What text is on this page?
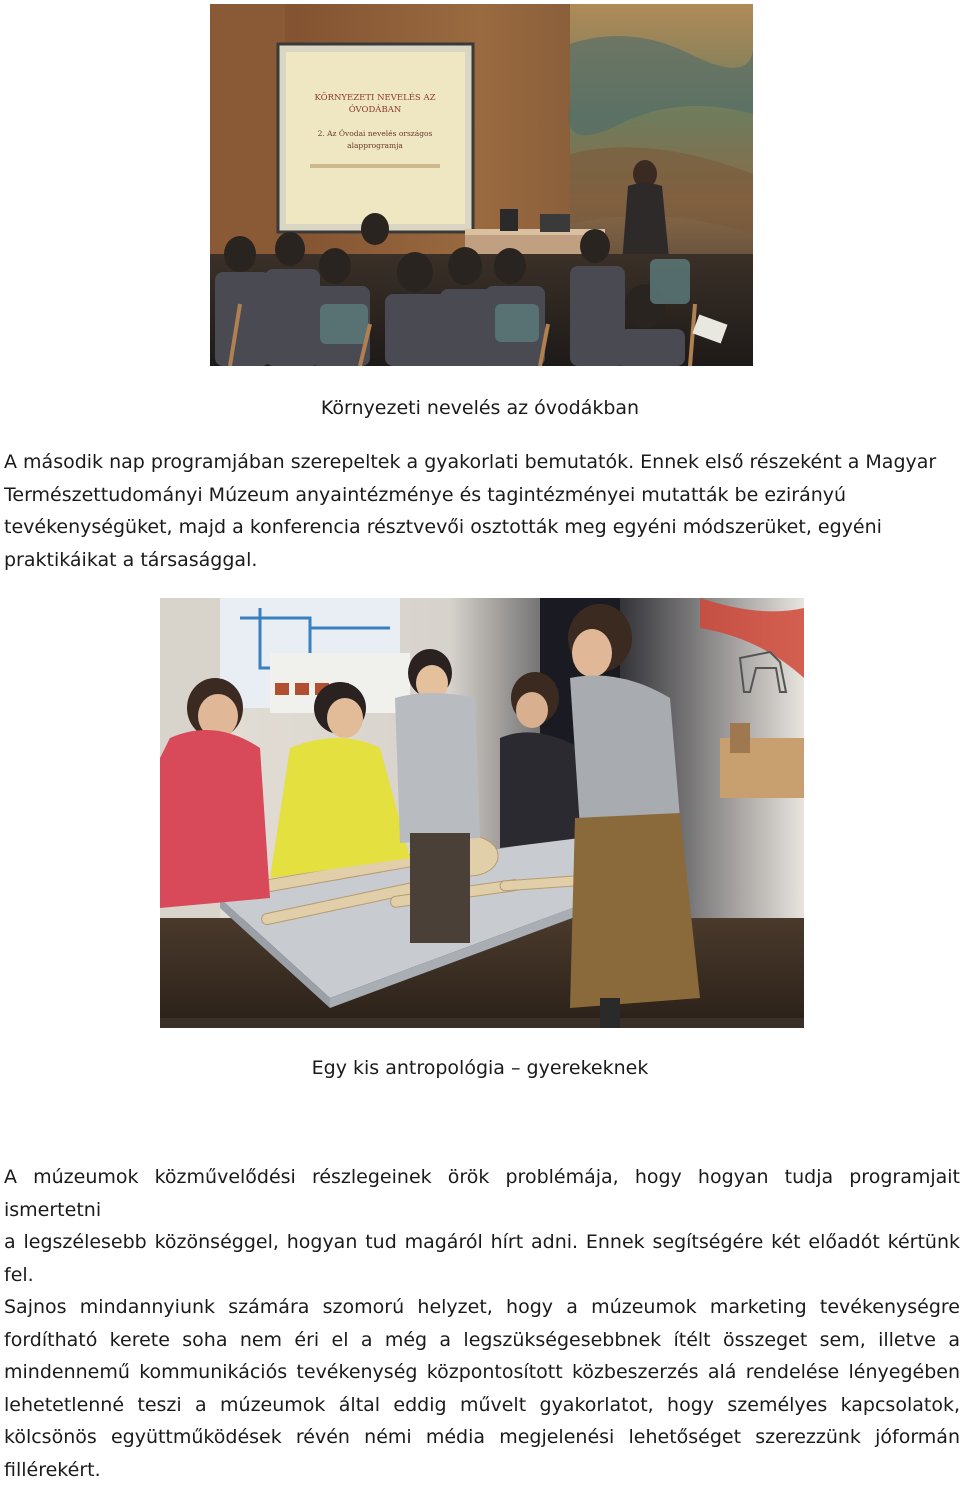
KÖRNYEZETI NEVELÉS AZ
ÓVODÁBAN
2. Az Óvodai nevelés országos
alapprogramja
Környezeti nevelés az óvodákban
A második nap programjában szerepeltek a gyakorlati bemutatók. Ennek első részeként a Magyar
Természettudományi Múzeum anyaintézménye és tagintézményei mutatták be ezirányú
tevékenységüket, majd a konferencia résztvevői osztották meg egyéni módszerüket, egyéni
praktikáikat a társasággal.
Egy kis antropológia – gyerekeknek
A múzeumok közművelődési részlegeinek örök problémája, hogy hogyan tudja programjait ismertetni
a legszélesebb közönséggel, hogyan tud magáról hírt adni. Ennek segítségére két előadót kértünk fel.
Sajnos mindannyiunk számára szomorú helyzet, hogy a múzeumok marketing tevékenységre
fordítható kerete soha nem éri el a még a legszükségesebbnek ítélt összeget sem, illetve a
mindennemű kommunikációs tevékenység központosított közbeszerzés alá rendelése lényegében
lehetetlenné teszi a múzeumok által eddig művelt gyakorlatot, hogy személyes kapcsolatok,
kölcsönös együttműködések révén némi média megjelenési lehetőséget szerezzünk jóformán
fillérekért.
